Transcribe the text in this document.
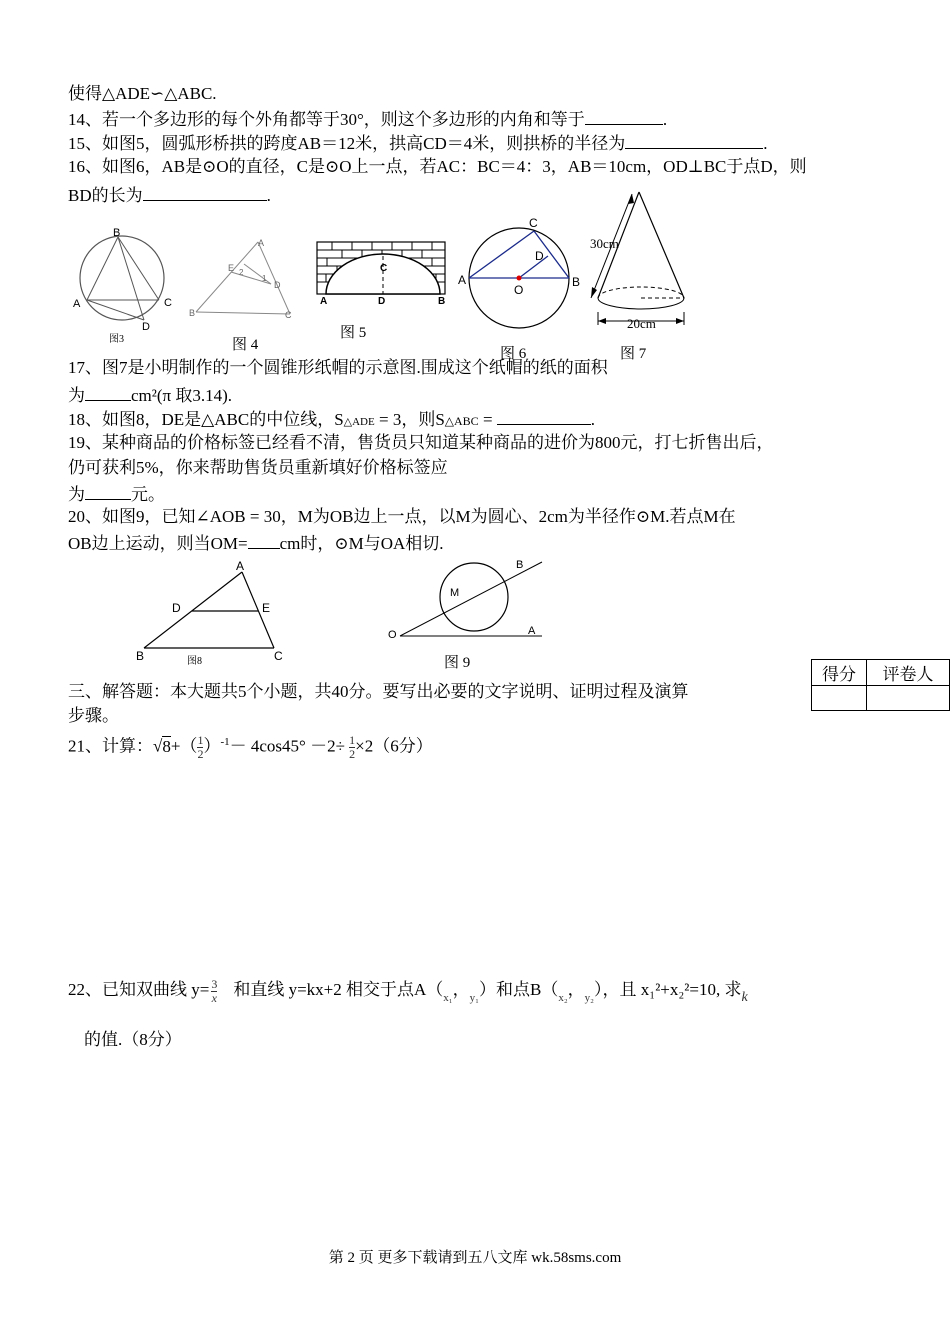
使得△ADE∽△ABC.
14、若一个多边形的每个外角都等于30°，则这个多边形的内角和等于	.
15、如图5，圆弧形桥拱的跨度AB＝12米，拱高CD＝4米，则拱桥的半径为	.
16、如图6，AB是⊙O的直径，C是⊙O上一点，若AC：BC＝4：3，AB＝10cm，OD⊥BC于点D，则
BD的长为	.
B
A	C
D
图3
A
E 2
1
D
B	C
图 4
A	D	B
C
图 5
A	B
C
D
O
图 6
30cm
20cm
图 7
17、图7是小明制作的一个圆锥形纸帽的示意图.围成这个纸帽的纸的面积
为	cm²(π 取3.14).
18、如图8，DE是△ABC的中位线，S△ADE = 3，则S△ABC =	.
19、某种商品的价格标签已经看不清，售货员只知道某种商品的进价为800元，打七折售出后，
仍可获利5%，你来帮助售货员重新填好价格标签应
为	元。
20、如图9，已知∠AOB = 30，M为OB边上一点，以M为圆心、2cm为半径作⊙M.若点M在
OB边上运动，则当OM= cm时，⊙M与OA相切.
A
D	E
B	C
图8
O	A
B
M
图 9
得分	评卷人

三、解答题：本大题共5个小题，共40分。要写出必要的文字说明、证明过程及演算
步骤。
21、计算：$√8+( \frac{1}{2} )^{-1}- 4\cos 45^\circ -2\div \frac{1}{2} \times 2(6$分）
22、已知双曲线 $y= \frac{3}{x}$ 和直线 y=kx+2 相交于点$A(_{x_1}$，$_{y_1}$）和点$B(_{x_2}$，$_{y_2}$），且 x₁²+x₂²=10, 求$_k$
的值.（8分）
第 2 页 更多下载请到五八文库 wk.58sms.com
